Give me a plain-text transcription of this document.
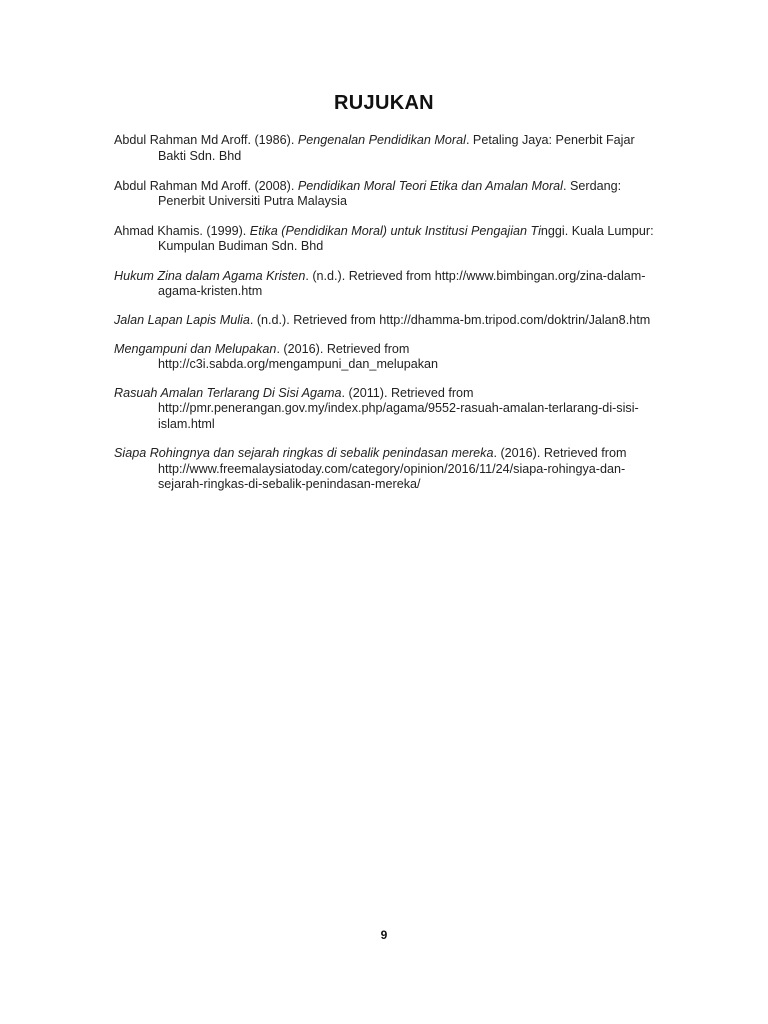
RUJUKAN

Abdul Rahman Md Aroff. (1986). Pengenalan Pendidikan Moral. Petaling Jaya: Penerbit Fajar Bakti Sdn. Bhd

Abdul Rahman Md Aroff. (2008). Pendidikan Moral Teori Etika dan Amalan Moral. Serdang: Penerbit Universiti Putra Malaysia

Ahmad Khamis. (1999). Etika (Pendidikan Moral) untuk Institusi Pengajian Tinggi. Kuala Lumpur: Kumpulan Budiman Sdn. Bhd

Hukum Zina dalam Agama Kristen. (n.d.). Retrieved from http://www.bimbingan.org/zina-dalam-agama-kristen.htm

Jalan Lapan Lapis Mulia. (n.d.). Retrieved from http://dhamma-bm.tripod.com/doktrin/Jalan8.htm

Mengampuni dan Melupakan. (2016). Retrieved from http://c3i.sabda.org/mengampuni_dan_melupakan

Rasuah Amalan Terlarang Di Sisi Agama. (2011). Retrieved from http://pmr.penerangan.gov.my/index.php/agama/9552-rasuah-amalan-terlarang-di-sisi-islam.html

Siapa Rohingnya dan sejarah ringkas di sebalik penindasan mereka. (2016). Retrieved from http://www.freemalaysiatoday.com/category/opinion/2016/11/24/siapa-rohingya-dan-sejarah-ringkas-di-sebalik-penindasan-mereka/

9
